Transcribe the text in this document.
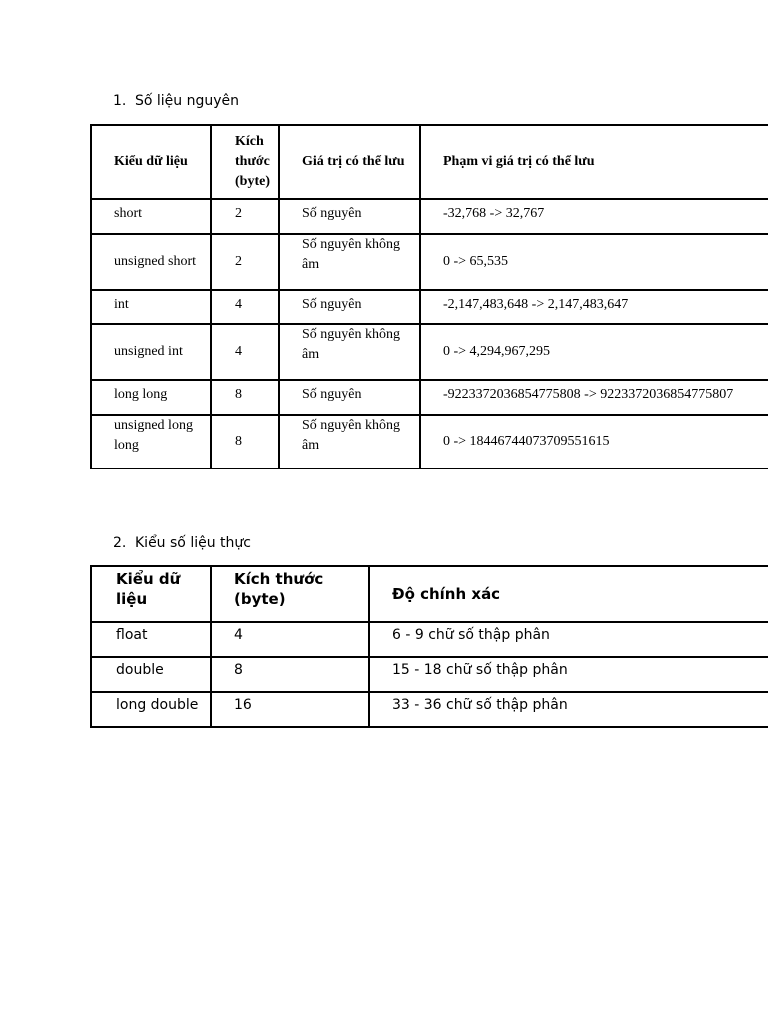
1. Số liệu nguyên
Kiểu dữ liệu	Kích thước (byte)	Giá trị có thể lưu	Phạm vi giá trị có thể lưu
short	2	Số nguyên	-32,768 -> 32,767
unsigned short	2	Số nguyên không âm	0 -> 65,535
int	4	Số nguyên	-2,147,483,648 -> 2,147,483,647
unsigned int	4	Số nguyên không âm	0 -> 4,294,967,295
long long	8	Số nguyên	-9223372036854775808 -> 9223372036854775807
unsigned long long	8	Số nguyên không âm	0 -> 18446744073709551615
2. Kiểu số liệu thực
Kiểu dữ liệu	Kích thước (byte)	Độ chính xác
float	4	6 - 9 chữ số thập phân
double	8	15 - 18 chữ số thập phân
long double	16	33 - 36 chữ số thập phân
